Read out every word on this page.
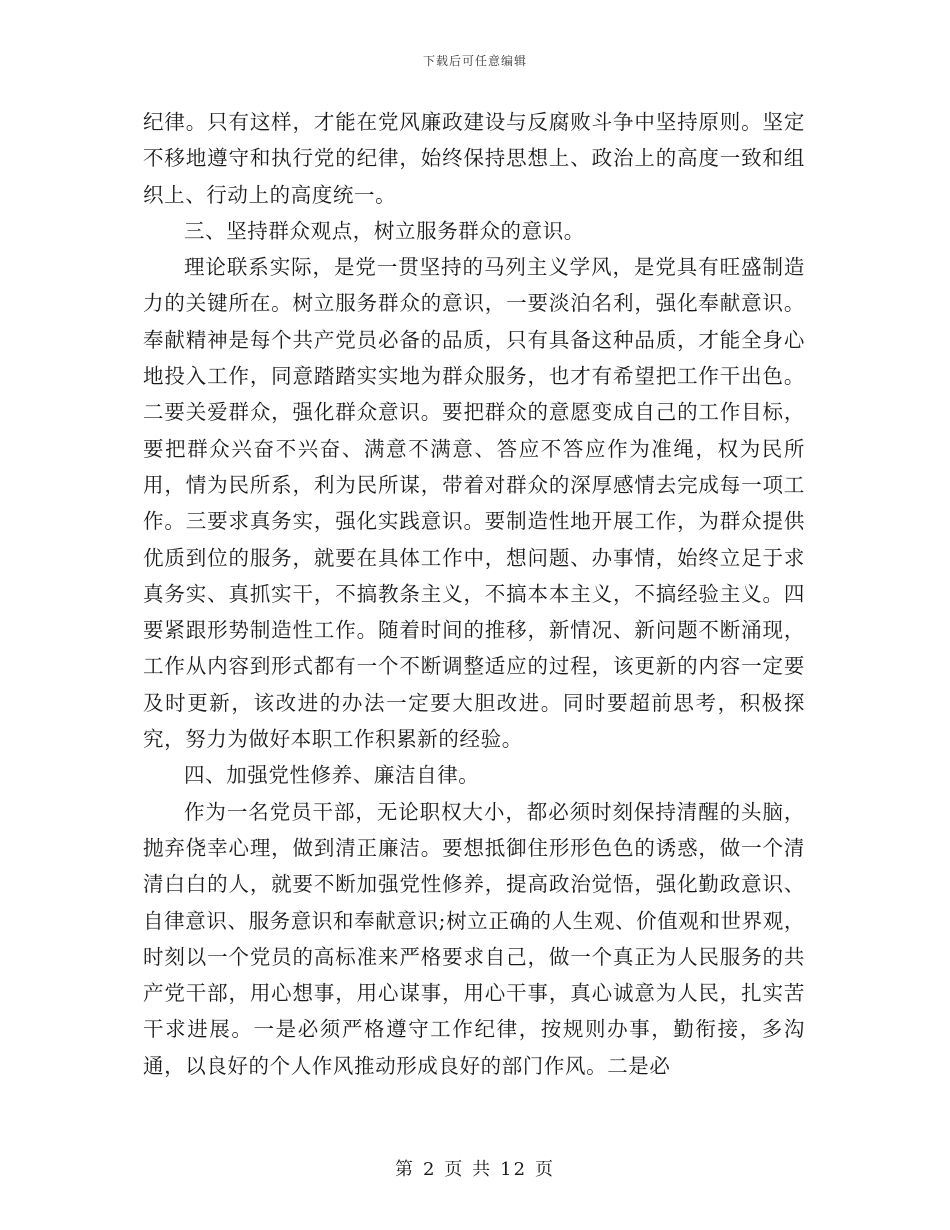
下载后可任意编辑

纪律。只有这样，才能在党风廉政建设与反腐败斗争中坚持原则。坚定不移地遵守和执行党的纪律，始终保持思想上、政治上的高度一致和组织上、行动上的高度统一。

三、坚持群众观点，树立服务群众的意识。

理论联系实际，是党一贯坚持的马列主义学风，是党具有旺盛制造力的关键所在。树立服务群众的意识，一要淡泊名利，强化奉献意识。奉献精神是每个共产党员必备的品质，只有具备这种品质，才能全身心地投入工作，同意踏踏实实地为群众服务，也才有希望把工作干出色。二要关爱群众，强化群众意识。要把群众的意愿变成自己的工作目标，要把群众兴奋不兴奋、满意不满意、答应不答应作为准绳，权为民所用，情为民所系，利为民所谋，带着对群众的深厚感情去完成每一项工作。三要求真务实，强化实践意识。要制造性地开展工作，为群众提供优质到位的服务，就要在具体工作中，想问题、办事情，始终立足于求真务实、真抓实干，不搞教条主义，不搞本本主义，不搞经验主义。四要紧跟形势制造性工作。随着时间的推移，新情况、新问题不断涌现，工作从内容到形式都有一个不断调整适应的过程，该更新的内容一定要及时更新，该改进的办法一定要大胆改进。同时要超前思考，积极探究，努力为做好本职工作积累新的经验。

四、加强党性修养、廉洁自律。

作为一名党员干部，无论职权大小，都必须时刻保持清醒的头脑，抛弃侥幸心理，做到清正廉洁。要想抵御住形形色色的诱惑，做一个清清白白的人，就要不断加强党性修养，提高政治觉悟，强化勤政意识、自律意识、服务意识和奉献意识;树立正确的人生观、价值观和世界观，时刻以一个党员的高标准来严格要求自己，做一个真正为人民服务的共产党干部，用心想事，用心谋事，用心干事，真心诚意为人民，扎实苦干求进展。一是必须严格遵守工作纪律，按规则办事，勤衔接，多沟通，以良好的个人作风推动形成良好的部门作风。二是必

第 2 页 共 12 页
